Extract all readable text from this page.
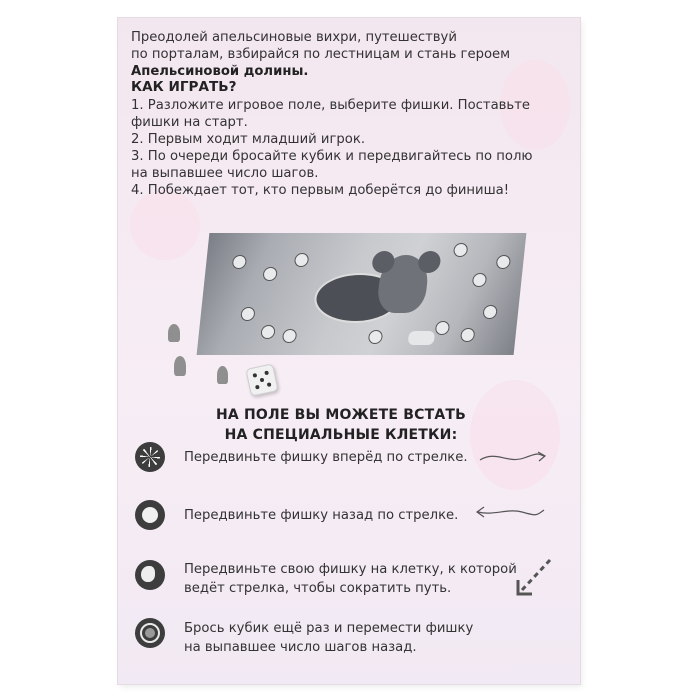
Преодолей апельсиновые вихри, путешествуй
по порталам, взбирайся по лестницам и стань героем
Апельсиновой долины.
КАК ИГРАТЬ?
1. Разложите игровое поле, выберите фишки. Поставьте
фишки на старт.
2. Первым ходит младший игрок.
3. По очереди бросайте кубик и передвигайтесь по полю
на выпавшее число шагов.
4. Побеждает тот, кто первым доберётся до финиша!
НА ПОЛЕ ВЫ МОЖЕТЕ ВСТАТЬ
НА СПЕЦИАЛЬНЫЕ КЛЕТКИ:
Передвиньте фишку вперёд по стрелке.
Передвиньте фишку назад по стрелке.
Передвиньте свою фишку на клетку, к которой
ведёт стрелка, чтобы сократить путь.
Брось кубик ещё раз и перемести фишку
на выпавшее число шагов назад.
